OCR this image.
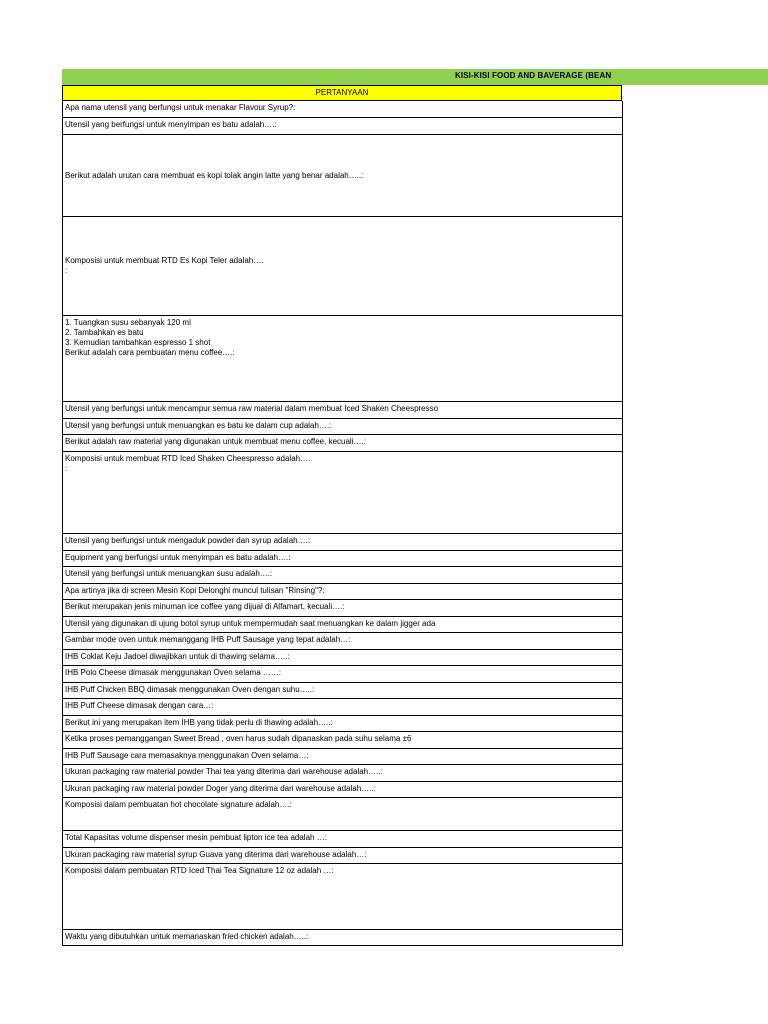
KISI-KISI FOOD AND BAVERAGE (BEAN
PERTANYAAN
Apa nama utensil yang berfungsi untuk menakar Flavour Syrup?:
Utensil yang berfungsi untuk menyimpan es batu adalah….:
Berikut adalah urutan cara membuat es kopi tolak angin latte yang benar adalah…..:
Komposisi untuk membuat RTD Es Kopi Teler adalah….
:
1. Tuangkan susu sebanyak 120 ml
2. Tambahkan es batu
3. Kemudian tambahkan espresso 1 shot
Berikut adalah cara pembuatan menu coffee….:
Utensil yang berfungsi untuk mencampur semua raw material dalam membuat Iced Shaken Cheespresso
Utensil yang berfungsi untuk menuangkan es batu ke dalam cup adalah….:
Berikut adalah raw material yang digunakan untuk membuat menu coffee, kecuali….:
Komposisi untuk membuat RTD Iced Shaken Cheespresso adalah….
:
Utensil yang berfungsi untuk mengaduk powder dan syrup adalah….:
Equipment yang berfungsi untuk menyimpan es batu adalah….:
Utensil yang berfungsi untuk menuangkan susu adalah….:
Apa artinya jika di screen Mesin Kopi Delonghi muncul tulisan "Rinsing"?:
Berikut merupakan jenis minuman ice coffee yang dijual di Alfamart, kecuali….:
Utensil yang digunakan di ujung botol syrup untuk mempermudah saat menuangkan ke dalam jigger ada
Gambar mode oven untuk memanggang IHB Puff Sausage yang tepat adalah…:
IHB Coklat Keju Jadoel diwajibkan untuk di thawing selama…..:
IHB Polo Cheese dimasak menggunakan Oven selama ……:
IHB Puff Chicken BBQ dimasak menggunakan Oven dengan suhu…..:
IHB Puff Cheese dimasak dengan cara…:
Berikut ini yang merupakan item IHB yang tidak perlu di thawing adalah…..:
Ketika proses pemanggangan Sweet Bread , oven harus sudah dipanaskan pada suhu selama ±6
IHB Puff Sausage cara memasaknya menggunakan Oven selama…:
Ukuran packaging raw material powder Thai tea yang diterima dari warehouse adalah…..:
Ukuran packaging raw material powder Doger yang diterima dari warehouse adalah…..:
Komposisi dalam pembuatan hot chocolate signature adalah….:
Total Kapasitas volume dispenser mesin pembuat lipton ice tea adalah …:
Ukuran packaging raw material syrup Guava yang diterima dari warehouse adalah…:
Komposisi dalam pembuatan RTD Iced Thai Tea Signature 12 oz adalah …:
Waktu yang dibutuhkan untuk memanaskan fried chicken adalah…..:
